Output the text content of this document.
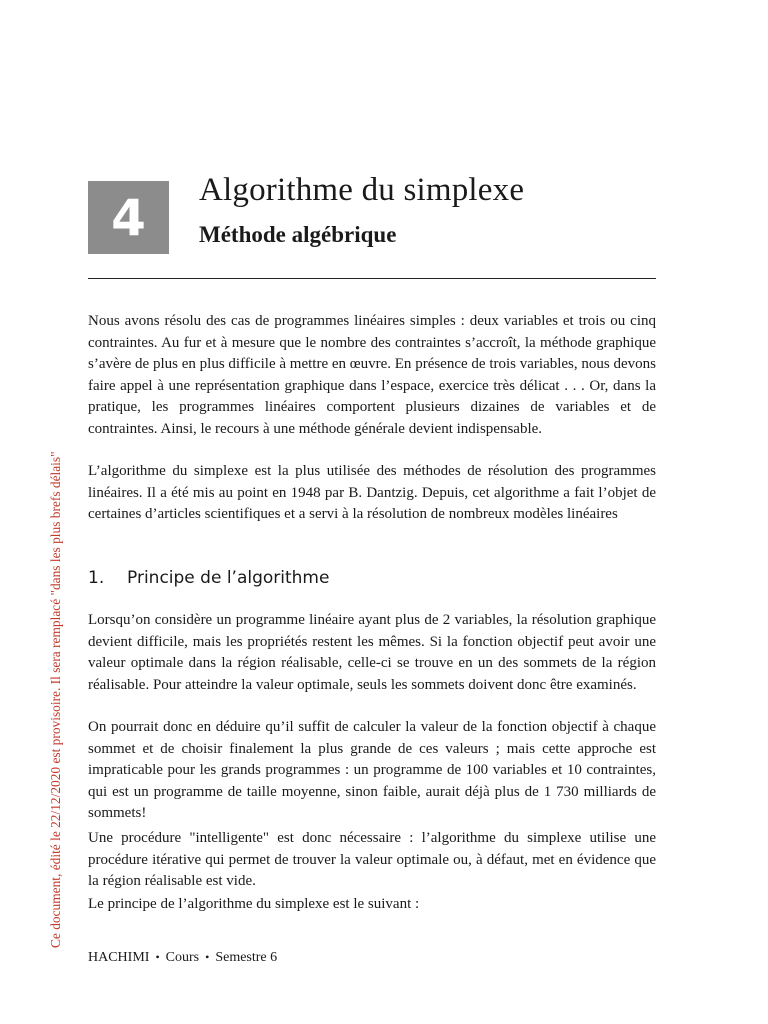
4 Algorithme du simplexe
Méthode algébrique

Nous avons résolu des cas de programmes linéaires simples : deux variables et trois ou cinq contraintes. Au fur et à mesure que le nombre des contraintes s’accroît, la méthode graphique s’avère de plus en plus difficile à mettre en œuvre. En présence de trois variables, nous devons faire appel à une représentation graphique dans l’espace, exercice très délicat . . . Or, dans la pratique, les programmes linéaires comportent plusieurs dizaines de variables et de contraintes. Ainsi, le recours à une méthode générale devient indispensable.

L’algorithme du simplexe est la plus utilisée des méthodes de résolution des programmes linéaires. Il a été mis au point en 1948 par B. Dantzig. Depuis, cet algorithme a fait l’objet de certaines d’articles scientifiques et a servi à la résolution de nombreux modèles linéaires

1. Principe de l’algorithme

Lorsqu’on considère un programme linéaire ayant plus de 2 variables, la résolution graphique devient difficile, mais les propriétés restent les mêmes. Si la fonction objectif peut avoir une valeur optimale dans la région réalisable, celle-ci se trouve en un des sommets de la région réalisable. Pour atteindre la valeur optimale, seuls les sommets doivent donc être examinés.

On pourrait donc en déduire qu’il suffit de calculer la valeur de la fonction objectif à chaque sommet et de choisir finalement la plus grande de ces valeurs ; mais cette approche est impraticable pour les grands programmes : un programme de 100 variables et 10 contraintes, qui est un programme de taille moyenne, sinon faible, aurait déjà plus de 1 730 milliards de sommets!

Une procédure "intelligente" est donc nécessaire : l’algorithme du simplexe utilise une procédure itérative qui permet de trouver la valeur optimale ou, à défaut, met en évidence que la région réalisable est vide.

Le principe de l’algorithme du simplexe est le suivant :

HACHIMI • Cours • Semestre 6
Ce document, édité le 22/12/2020 est provisoire. Il sera remplacé "dans les plus brefs délais"
